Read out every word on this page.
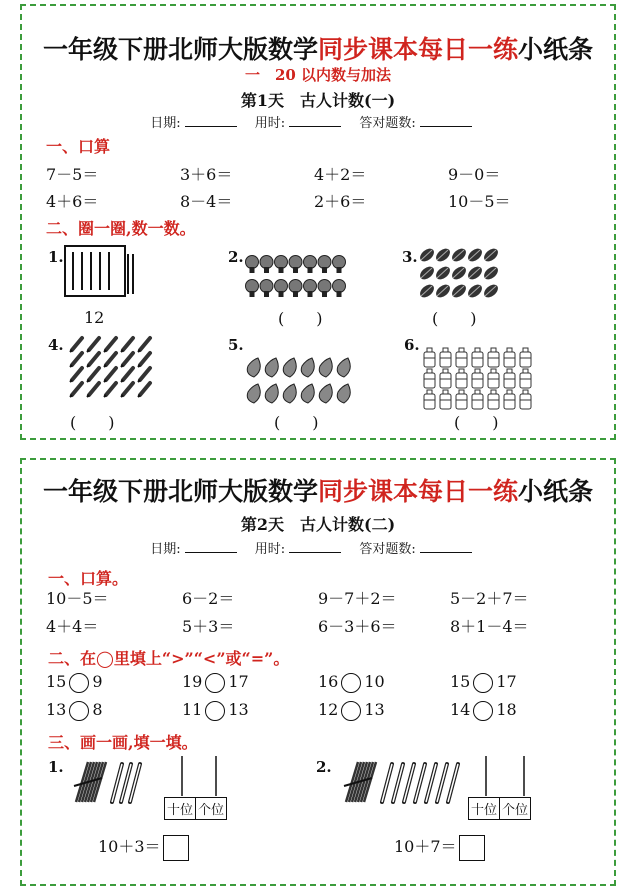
一年级下册北师大版数学同步课本每日一练小纸条
一　20 以内数与加法
第1天　古人计数(一)
日期:	用时:	答对题数:
一、口算
7－5＝	3＋6＝	4＋2＝	9－0＝
4＋6＝	8－4＝	2＋6＝	10－5＝
二、圈一圈,数一数。
1.
12
2.
(　　)
3.
(　　)
4.
(　　)
5.
(　　)
6.
(　　)
一年级下册北师大版数学同步课本每日一练小纸条
第2天　古人计数(二)
日期:	用时:	答对题数:
一、口算。
10－5＝	6－2＝	9－7＋2＝	5－2＋7＝
4＋4＝	5＋3＝	6－3＋6＝	8＋1－4＝
二、在◯里填上“>”“<”或“=”。
15 9	19 17	16 10	15 17
13 8	11 13	12 13	14 18
三、画一画,填一填。
1.
十位 个位
10＋3＝
2.
十位 个位
10＋7＝
